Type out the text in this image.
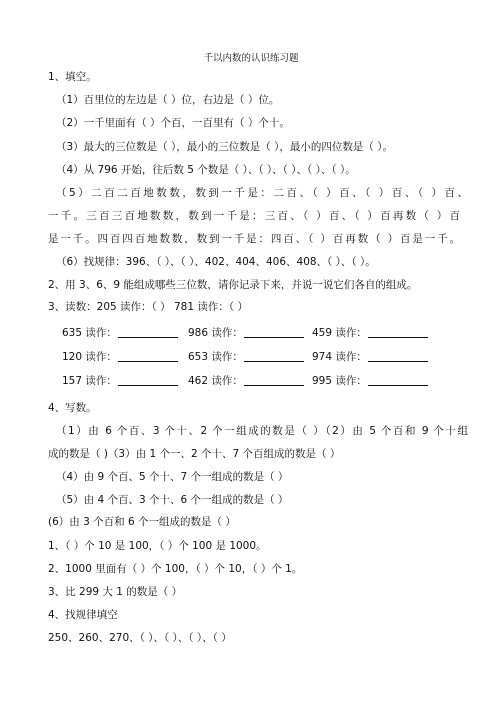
千以内数的认识练习题
1、填空。
（1）百里位的左边是（ ）位，右边是（ ）位。
（2）一千里面有（ ）个百，一百里有（ ）个十。
（3）最大的三位数是（ ），最小的三位数是（ ），最小的四位数是（ ）。
（4）从 796 开始，往后数 5 个数是（ ）、（ ）、（ ）、（ ）、（ ）。
（5）二百二百地数数，数到一千是：二百、（ ）百、（ ）百、（ ）百、
一千。三百三百地数数，数到一千是：三百、（ ）百、（ ）百再数（ ）百
是一千。四百四百地数数，数到一千是：四百、（ ）百再数（ ）百是一千。
（6）找规律：396、（ ）、（ ）、402、404、406、408、（ ）、（ ）。
2、用 3、6、9 能组成哪些三位数，请你记录下来，并说一说它们各自的组成。
3、读数：205 读作：（ ） 781 读作：（ ）
635 读作：	986 读作：	459 读作：
120 读作：	653 读作：	974 读作：
157 读作：	462 读作：	995 读作：
4、写数。
（1）由 6 个百、3 个十、2 个一组成的数是（ ）（2）由 5 个百和 9 个十组
成的数是（ )（3）由 1 个一、2 个十、7 个百组成的数是（ ）
（4）由 9 个百、5 个十、7 个一组成的数是（ ）
（5）由 4 个百、3 个十、6 个一组成的数是（ ）
(6）由 3 个百和 6 个一组成的数是（ ）
1、（ ）个 10 是 100，（ ）个 100 是 1000。
2、1000 里面有（ ）个 100，（ ）个 10，（ ）个 1。
3、比 299 大 1 的数是（ ）
4、找规律填空
250、260、270、（ ）、（ ）、（ ）、（ ）
